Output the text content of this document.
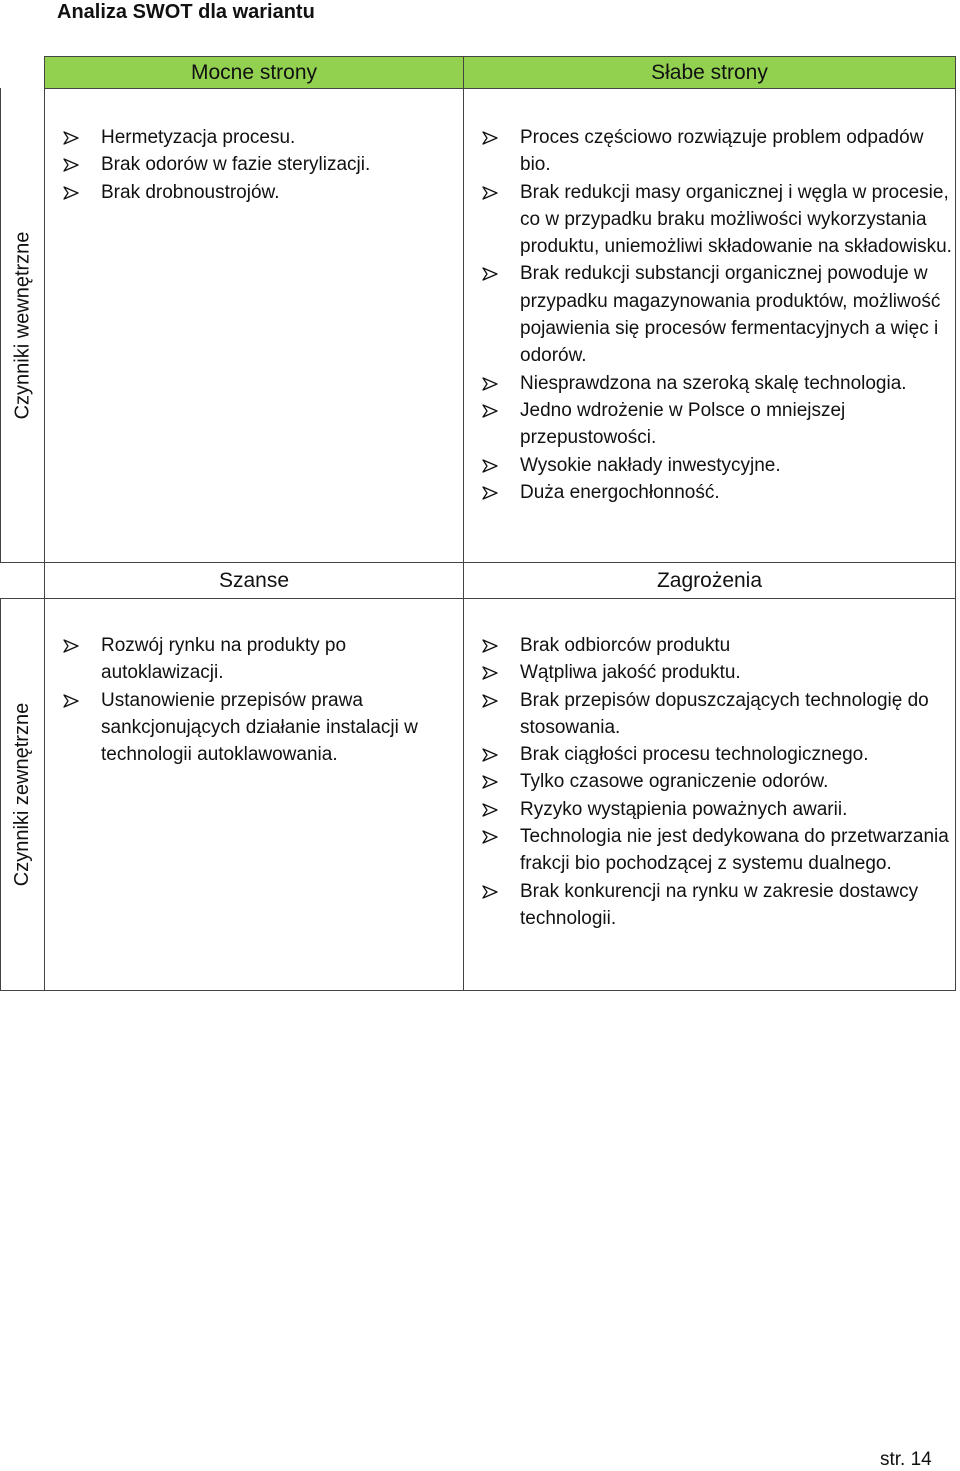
Analiza SWOT dla wariantu
Mocne strony	Słabe strony
Szanse	Zagrożenia
Czynniki wewnętrzne
Czynniki zewnętrzne
Hermetyzacja procesu.
Brak odorów w fazie sterylizacji.
Brak drobnoustrojów.
Proces częściowo rozwiązuje problem odpadów bio.
Brak redukcji masy organicznej i węgla w procesie, co w przypadku braku możliwości wykorzystania produktu, uniemożliwi składowanie na składowisku.
Brak redukcji substancji organicznej powoduje w przypadku magazynowania produktów, możliwość pojawienia się procesów fermentacyjnych a więc i odorów.
Niesprawdzona na szeroką skalę technologia.
Jedno wdrożenie w Polsce o mniejszej przepustowości.
Wysokie nakłady inwestycyjne.
Duża energochłonność.
Rozwój rynku na produkty po autoklawizacji.
Ustanowienie przepisów prawa sankcjonujących działanie instalacji w technologii autoklawowania.
Brak odbiorców produktu
Wątpliwa jakość produktu.
Brak przepisów dopuszczających technologię do stosowania.
Brak ciągłości procesu technologicznego.
Tylko czasowe ograniczenie odorów.
Ryzyko wystąpienia poważnych awarii.
Technologia nie jest dedykowana do przetwarzania frakcji bio pochodzącej z systemu dualnego.
Brak konkurencji na rynku w zakresie dostawcy technologii.
str. 14
